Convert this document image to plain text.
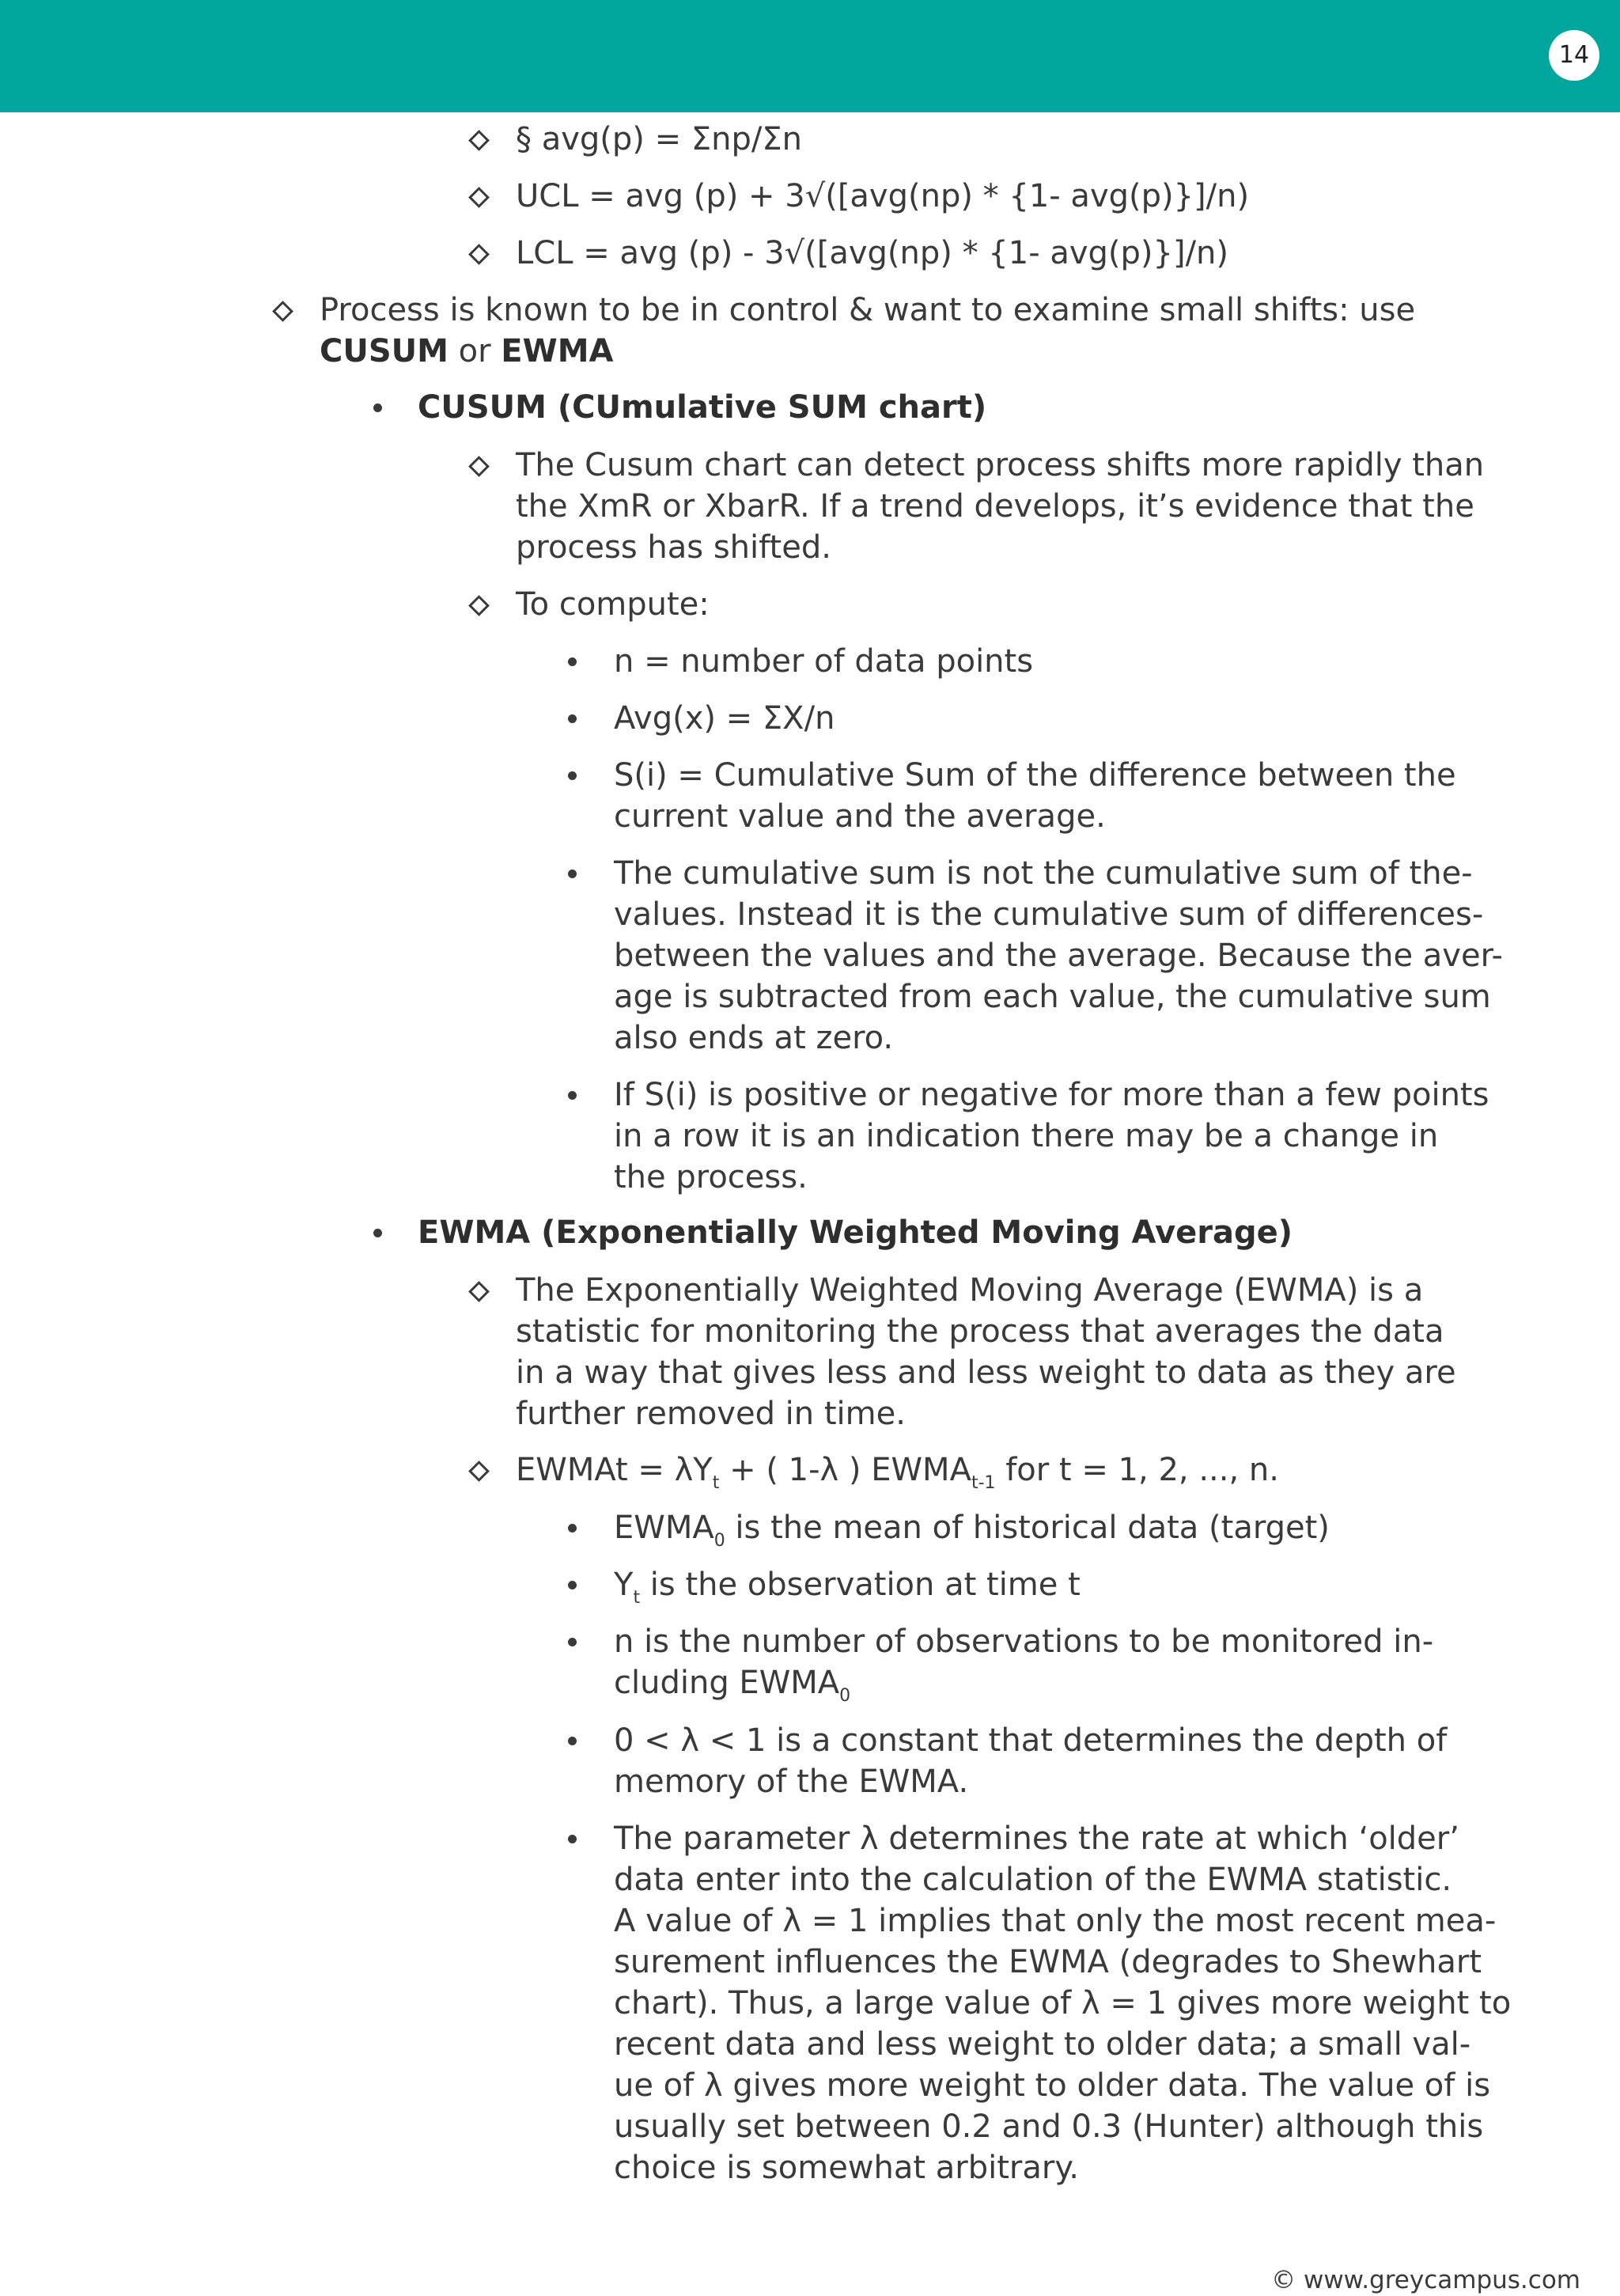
14
§ avg(p) = Σnp/Σn
UCL = avg (p) + 3√([avg(np) * {1- avg(p)}]/n)
LCL = avg (p) - 3√([avg(np) * {1- avg(p)}]/n)
Process is known to be in control & want to examine small shifts: use
CUSUM or EWMA
CUSUM (CUmulative SUM chart)
The Cusum chart can detect process shifts more rapidly than
the XmR or XbarR. If a trend develops, it’s evidence that the
process has shifted.
To compute:
n = number of data points
Avg(x) = ΣX/n
S(i) = Cumulative Sum of the difference between the
current value and the average.
The cumulative sum is not the cumulative sum of the-
values. Instead it is the cumulative sum of differences-
between the values and the average. Because the aver-
age is subtracted from each value, the cumulative sum
also ends at zero.
If S(i) is positive or negative for more than a few points
in a row it is an indication there may be a change in
the process.
EWMA (Exponentially Weighted Moving Average)
The Exponentially Weighted Moving Average (EWMA) is a
statistic for monitoring the process that averages the data
in a way that gives less and less weight to data as they are
further removed in time.
EWMAt = $\lambda Y_t$ + ( 1-λ ) $EWMA_{t-1}$ for t = 1, 2, ..., n.
$EWMA_0$ is the mean of historical data (target)
$Y_t$ is the observation at time t
n is the number of observations to be monitored in-
cluding $EWMA_0$
0 < λ < 1 is a constant that determines the depth of
memory of the EWMA.
The parameter λ determines the rate at which ‘older’
data enter into the calculation of the EWMA statistic.
A value of λ = 1 implies that only the most recent mea-
surement influences the EWMA (degrades to Shewhart
chart). Thus, a large value of λ = 1 gives more weight to
recent data and less weight to older data; a small val-
ue of λ gives more weight to older data. The value of is
usually set between 0.2 and 0.3 (Hunter) although this
choice is somewhat arbitrary.
© www.greycampus.com
